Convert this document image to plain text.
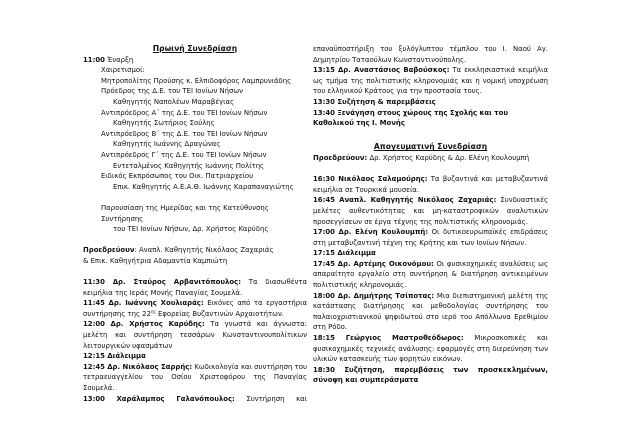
Πρωινή Συνεδρίαση

11:00 Έναρξη

Χαιρετισμοί:

Μητροπολίτης Προύσης κ. Ελπιδοφόρος Λαμπρυνιάδης

Πρόεδρος της Δ.Ε. του ΤΕΙ Ιονίων Νήσων

Καθηγητής Ναπολέων Μαραβέγιας

Αντιπρόεδρος Α΄ της Δ.Ε. του ΤΕΙ Ιονίων Νήσων

Καθηγητής Σωτήριος Σούλης

Αντιπρόεδρος Β΄ της Δ.Ε. του ΤΕΙ Ιονίων Νήσων

Καθηγητής Ιωάννης Δραγώνας

Αντιπρόεδρος Γ΄ της Δ.Ε. του ΤΕΙ Ιονίων Νήσων

Εντεταλμένος Καθηγητής Ιωάννης Πολίτης

Ειδικός Εκπρόσωπος του Οικ. Πατριαρχείου

Επικ. Καθηγητής Α.Ε.Α.Θ. Ιωάννης Καραπαναγιώτης

Παρουσίαση της Ημερίδας και της Κατεύθυνσης Συντήρησης

του ΤΕΙ Ιονίων Νήσων, Δρ. Χρήστος Καρύδης

Προεδρεύουν: Αναπλ. Καθηγητής Νικόλαος Ζαχαριάς

& Επικ. Καθηγήτρια Αδαμαντία Καμπιώτη

11:30 Δρ. Σταύρος Αρβανιτόπουλος: Τα διασωθέντα κειμήλια της Ιεράς Μονής Παναγίας Σουμελά.

11:45 Δρ. Ιωάννης Χουλιαράς: Εικόνες από τα εργαστήρια συντήρησης της $22^{\eta\varsigma}$ Εφορείας Βυζαντινών Αρχαιοτήτων.

12:00 Δρ. Χρήστος Καρύδης: Τα γνωστά και άγνωστα: μελέτη και συντήρηση τεσσάρων Κωνσταντινουπολίτικων λειτουργικών υφασμάτων

12:15 Διάλειμμα

12:45 Δρ. Νικόλαος Σαρρής: Κωδικολογία και συντήρηση του τετραευαγγελίου του Οσίου Χριστοφόρου της Παναγίας Σουμελά.

13:00 Χαράλαμπος Γαλανόπουλος: Συντήρηση και

επαναϋποστήριξη του ξυλόγλυπτου τέμπλου του Ι. Ναού Αγ. Δημητρίου Ταταούλων Κωνσταντινούπολης.

13:15 Δρ. Αναστάσιος Βαβούσκος: Τα εκκλησιαστικά κειμήλια ως τμήμα της πολιτιστικής κληρονομιάς και η νομική υποχρέωση του ελληνικού Κράτους για την προστασία τους.

13:30 Συζήτηση & παρεμβάσεις

13:40 Ξενάγηση στους χώρους της Σχολής και του Καθολικού της Ι. Μονής

Απογευματινή Συνεδρίαση

Προεδρεύουν: Δρ. Χρήστος Καρύδης & Δρ. Ελένη Κουλουμπή

16:30 Νικόλαος Σαλαμούρης: Τα βυζαντινά και μεταβυζαντινά κειμήλια σε Τουρκικά μουσεία.

16:45 Αναπλ. Καθηγητής Νικόλαος Ζαχαριάς: Συνδυαστικές μελέτες αυθεντικότητας και μη-καταστροφικών αναλυτικών προσεγγίσεων σε έργα τέχνης της πολιτιστικής κληρονομιάς.

17:00 Δρ. Ελένη Κουλουμπή: Οι δυτικοευρωπαϊκές επιδράσεις στη μεταβυζαντινή τέχνη της Κρήτης και των Ιονίων Νήσων.

17:15 Διάλειμμα

17:45 Δρ. Αρτέμης Οικονόμου: Οι φυσικοχημικές αναλύσεις ως απαραίτητο εργαλείο στη συντήρηση & διατήρηση αντικειμένων πολιτιστικής κληρονομιάς.

18:00 Δρ. Δημήτρης Τσίποτας: Μια διεπιστημονική μελέτη της κατάστασης διατήρησης και μεθοδολογίας συντήρησης του παλαιοχριστιανικού ψηφιδωτού στο ιερό του Απόλλωνα Ερεθιμίου στη Ρόδο.

18:15 Γεώργιος Μαστροθεόδωρος: Μικροσκοπικές και φυσικοχημικές τεχνικές ανάλυσης: εφαρμογές στη διερεύνηση των υλικών κατασκευής των φορητών εικόνων.

18:30 Συζήτηση, παρεμβάσεις των προσκεκλημένων, σύνοψη και συμπεράσματα
